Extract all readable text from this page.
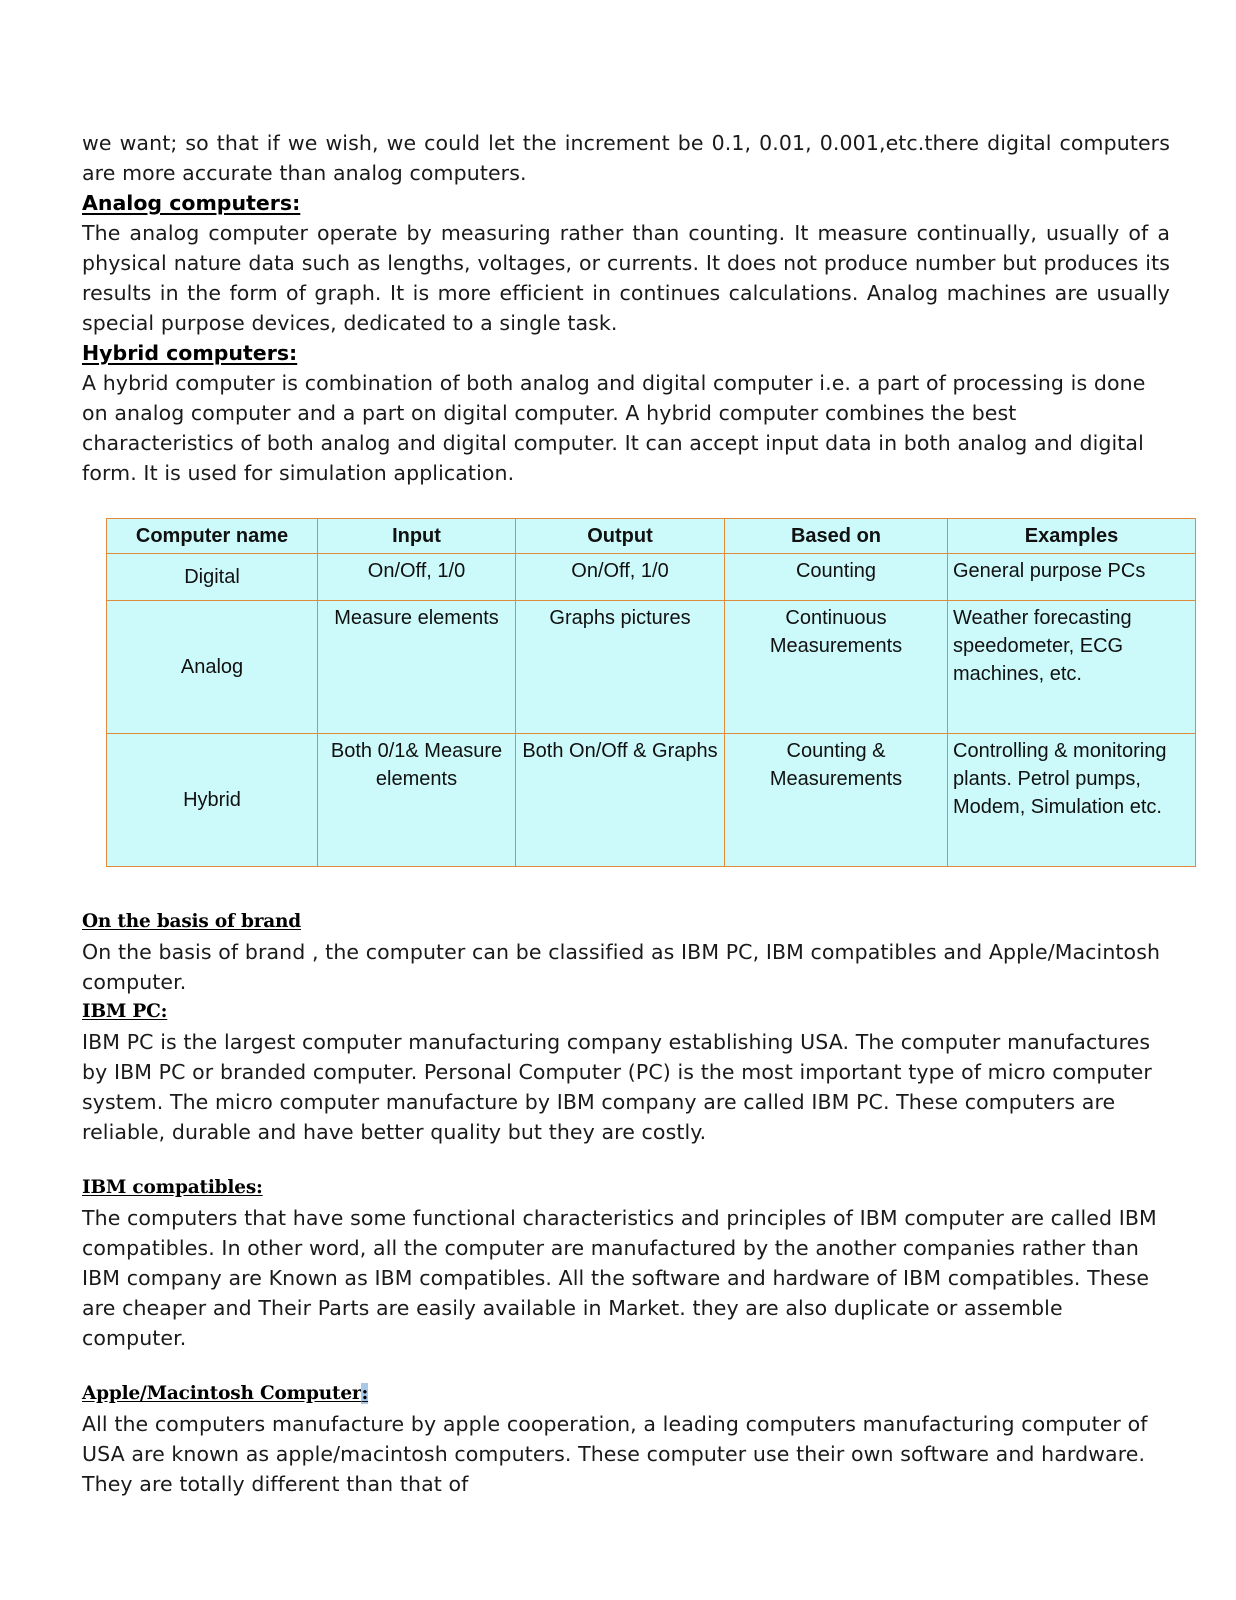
we want; so that if we wish, we could let the increment be 0.1, 0.01, 0.001,etc.there digital computers are more accurate than analog computers.

Analog computers:

The analog computer operate by measuring rather than counting. It measure continually, usually of a physical nature data such as lengths, voltages, or currents. It does not produce number but produces its results in the form of graph. It is more efficient in continues calculations. Analog machines are usually special purpose devices, dedicated to a single task.

Hybrid computers:

A hybrid computer is combination of both analog and digital computer i.e. a part of processing is done on analog computer and a part on digital computer. A hybrid computer combines the best characteristics of both analog and digital computer. It can accept input data in both analog and digital form. It is used for simulation application.

Computer name	Input	Output	Based on	Examples
Digital	On/Off, 1/0	On/Off, 1/0	Counting	General purpose PCs
Analog	Measure elements	Graphs pictures	Continuous Measurements	Weather forecasting speedometer, ECG machines, etc.
Hybrid	Both 0/1& Measure elements	Both On/Off & Graphs	Counting & Measurements	Controlling & monitoring plants. Petrol pumps, Modem, Simulation etc.
On the basis of brand

On the basis of brand , the computer can be classified as IBM PC, IBM compatibles and Apple/Macintosh computer.

IBM PC:

IBM PC is the largest computer manufacturing company establishing USA. The computer manufactures by IBM PC or branded computer. Personal Computer (PC) is the most important type of micro computer system. The micro computer manufacture by IBM company are called IBM PC. These computers are reliable, durable and have better quality but they are costly.

IBM compatibles:

The computers that have some functional characteristics and principles of IBM computer are called IBM compatibles. In other word, all the computer are manufactured by the another companies rather than IBM company are Known as IBM compatibles. All the software and hardware of IBM compatibles. These are cheaper and Their Parts are easily available in Market. they are also duplicate or assemble computer.

Apple/Macintosh Computer:

All the computers manufacture by apple cooperation, a leading computers manufacturing computer of USA are known as apple/macintosh computers. These computer use their own software and hardware. They are totally different than that of
